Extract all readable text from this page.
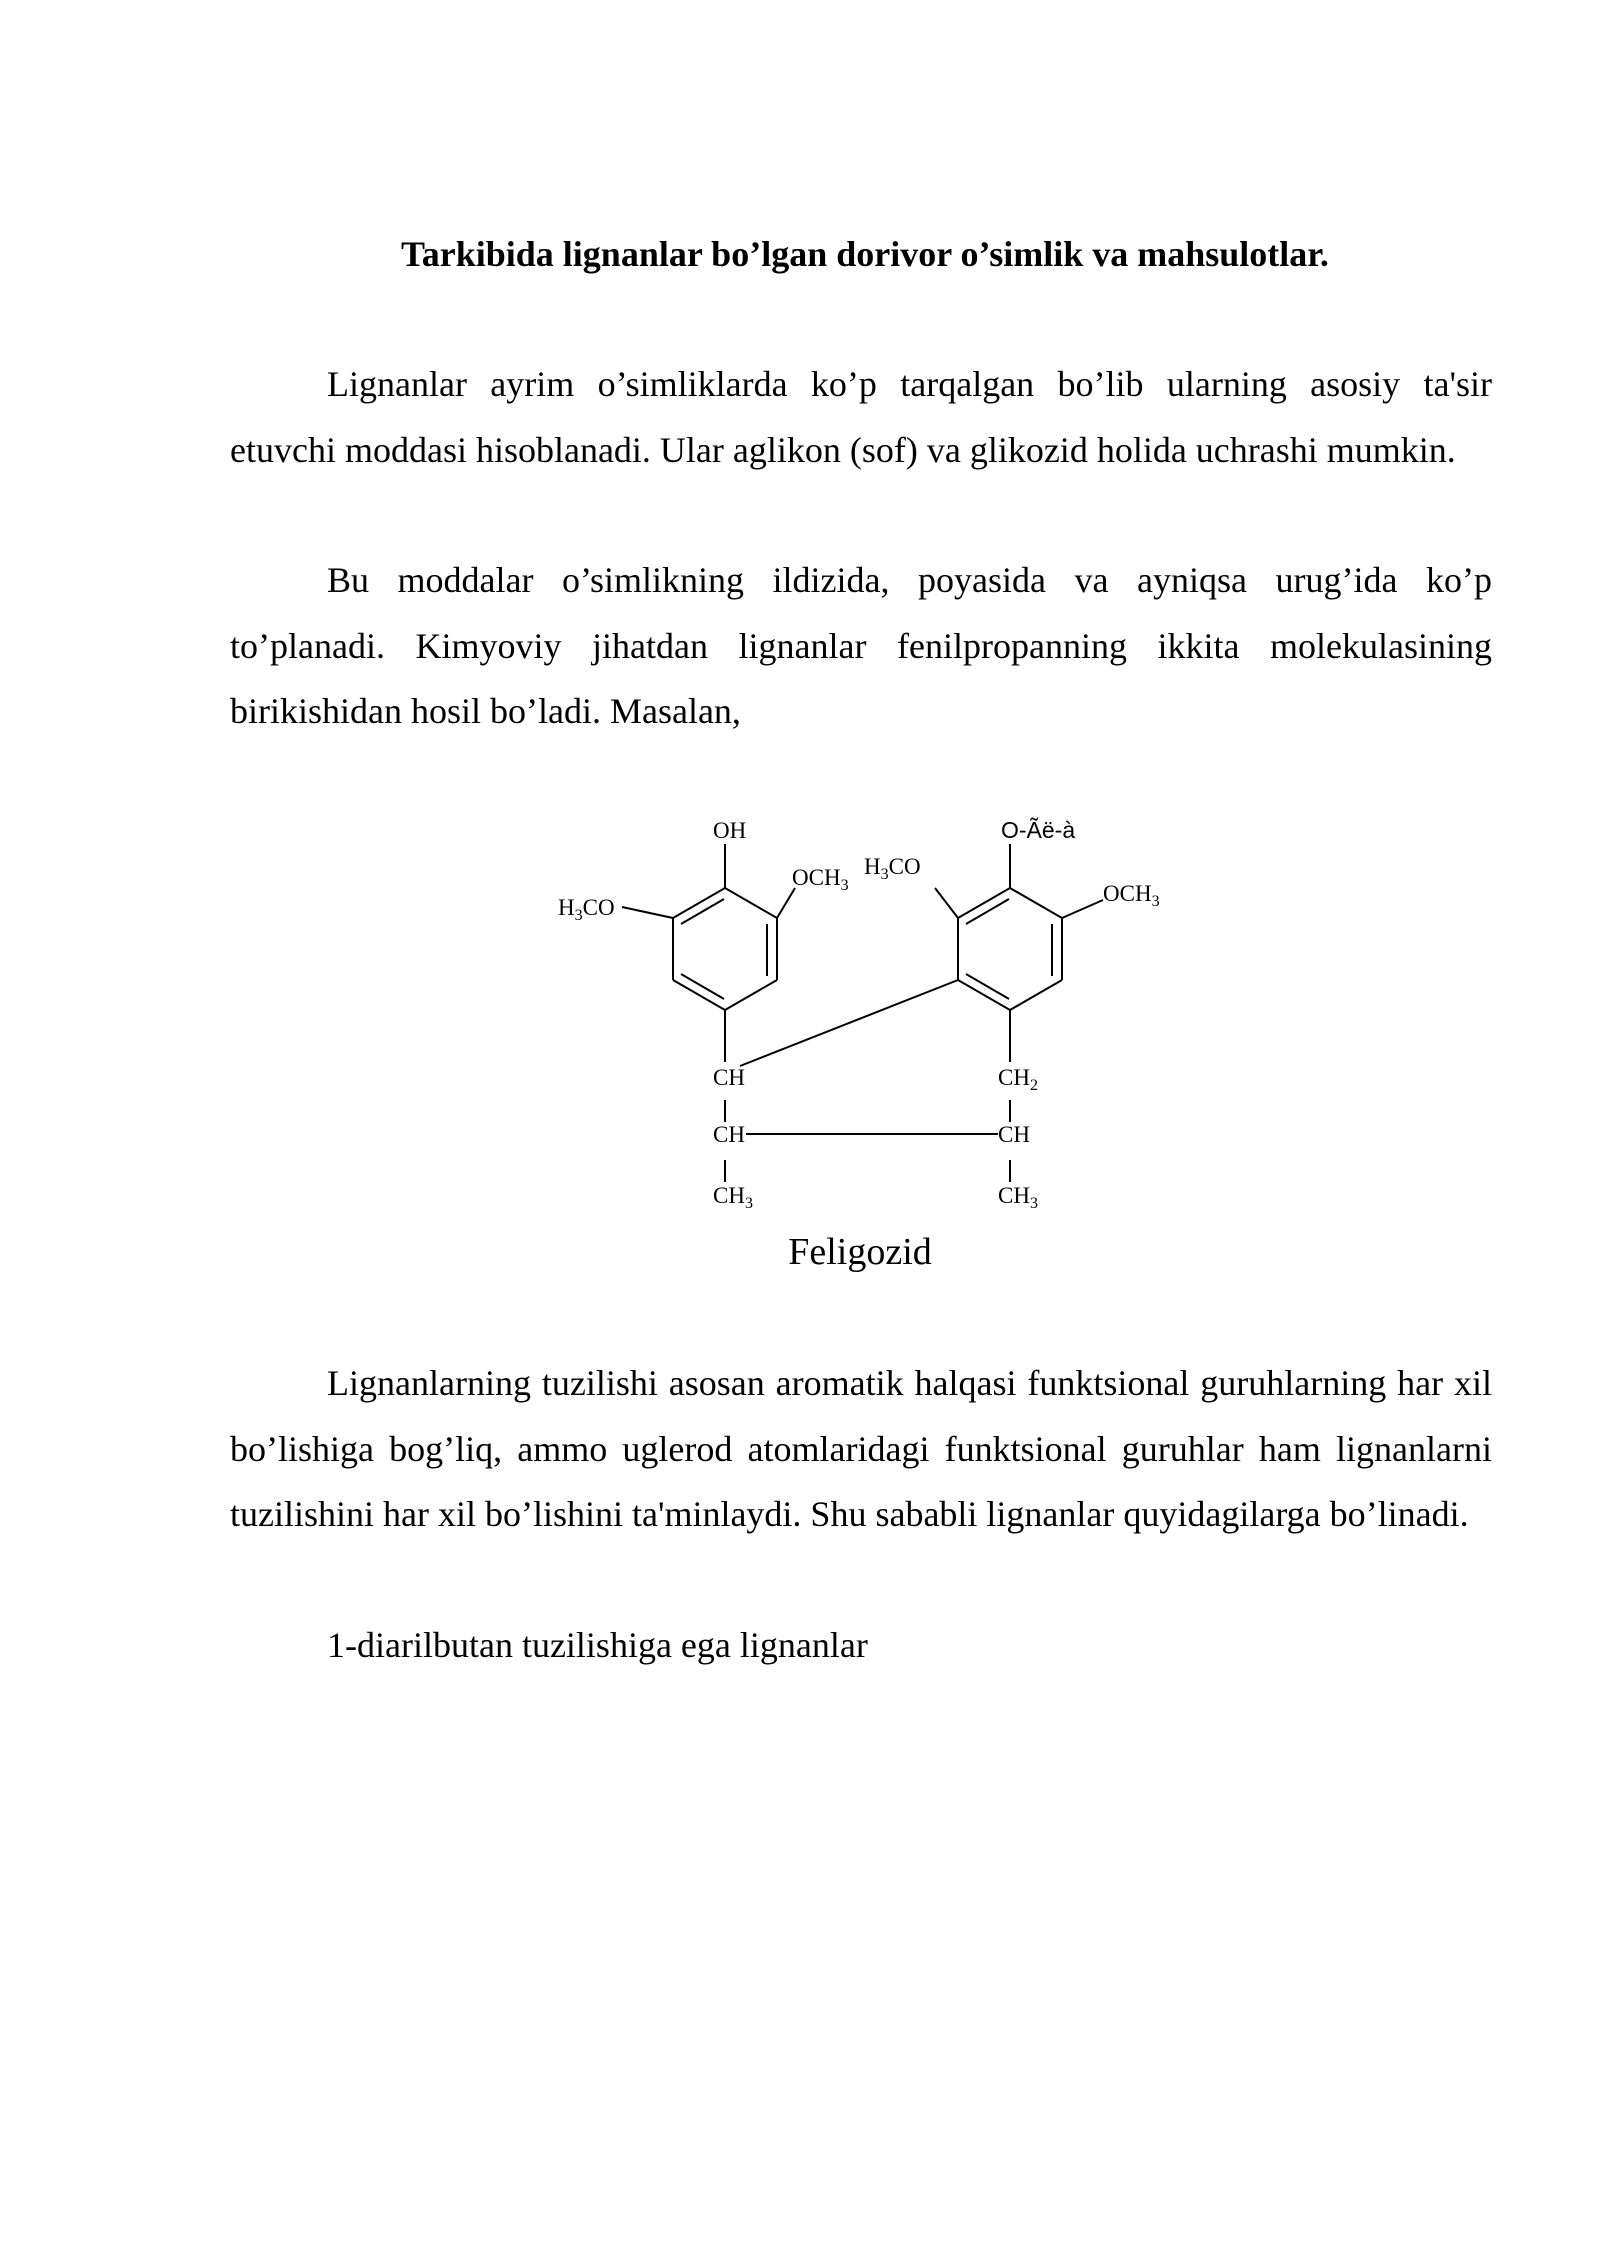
Tarkibida lignanlar bo’lgan dorivor o’simlik va mahsulotlar.

Lignanlar ayrim o’simliklarda ko’p tarqalgan bo’lib ularning asosiy ta'sir etuvchi moddasi hisoblanadi. Ular aglikon (sof) va glikozid holida uchrashi mumkin.

Bu moddalar o’simlikning ildizida, poyasida va ayniqsa urug’ida ko’p to’planadi. Kimyoviy jihatdan lignanlar fenilpropanning ikkita molekulasining birikishidan hosil bo’ladi. Masalan,

OH	O-Ãë-à
$OCH_3$
$H_3CO$
$H_3CO$
$OCH_3$
CH
CH
$CH_3$
$CH_2$
CH
$CH_3$
Feligozid

Lignanlarning tuzilishi asosan aromatik halqasi funktsional guruhlarning har xil bo’lishiga bog’liq, ammo uglerod atomlaridagi funktsional guruhlar ham lignanlarni tuzilishini har xil bo’lishini ta'minlaydi. Shu sababli lignanlar quyidagilarga bo’linadi.

1-diarilbutan tuzilishiga ega lignanlar
